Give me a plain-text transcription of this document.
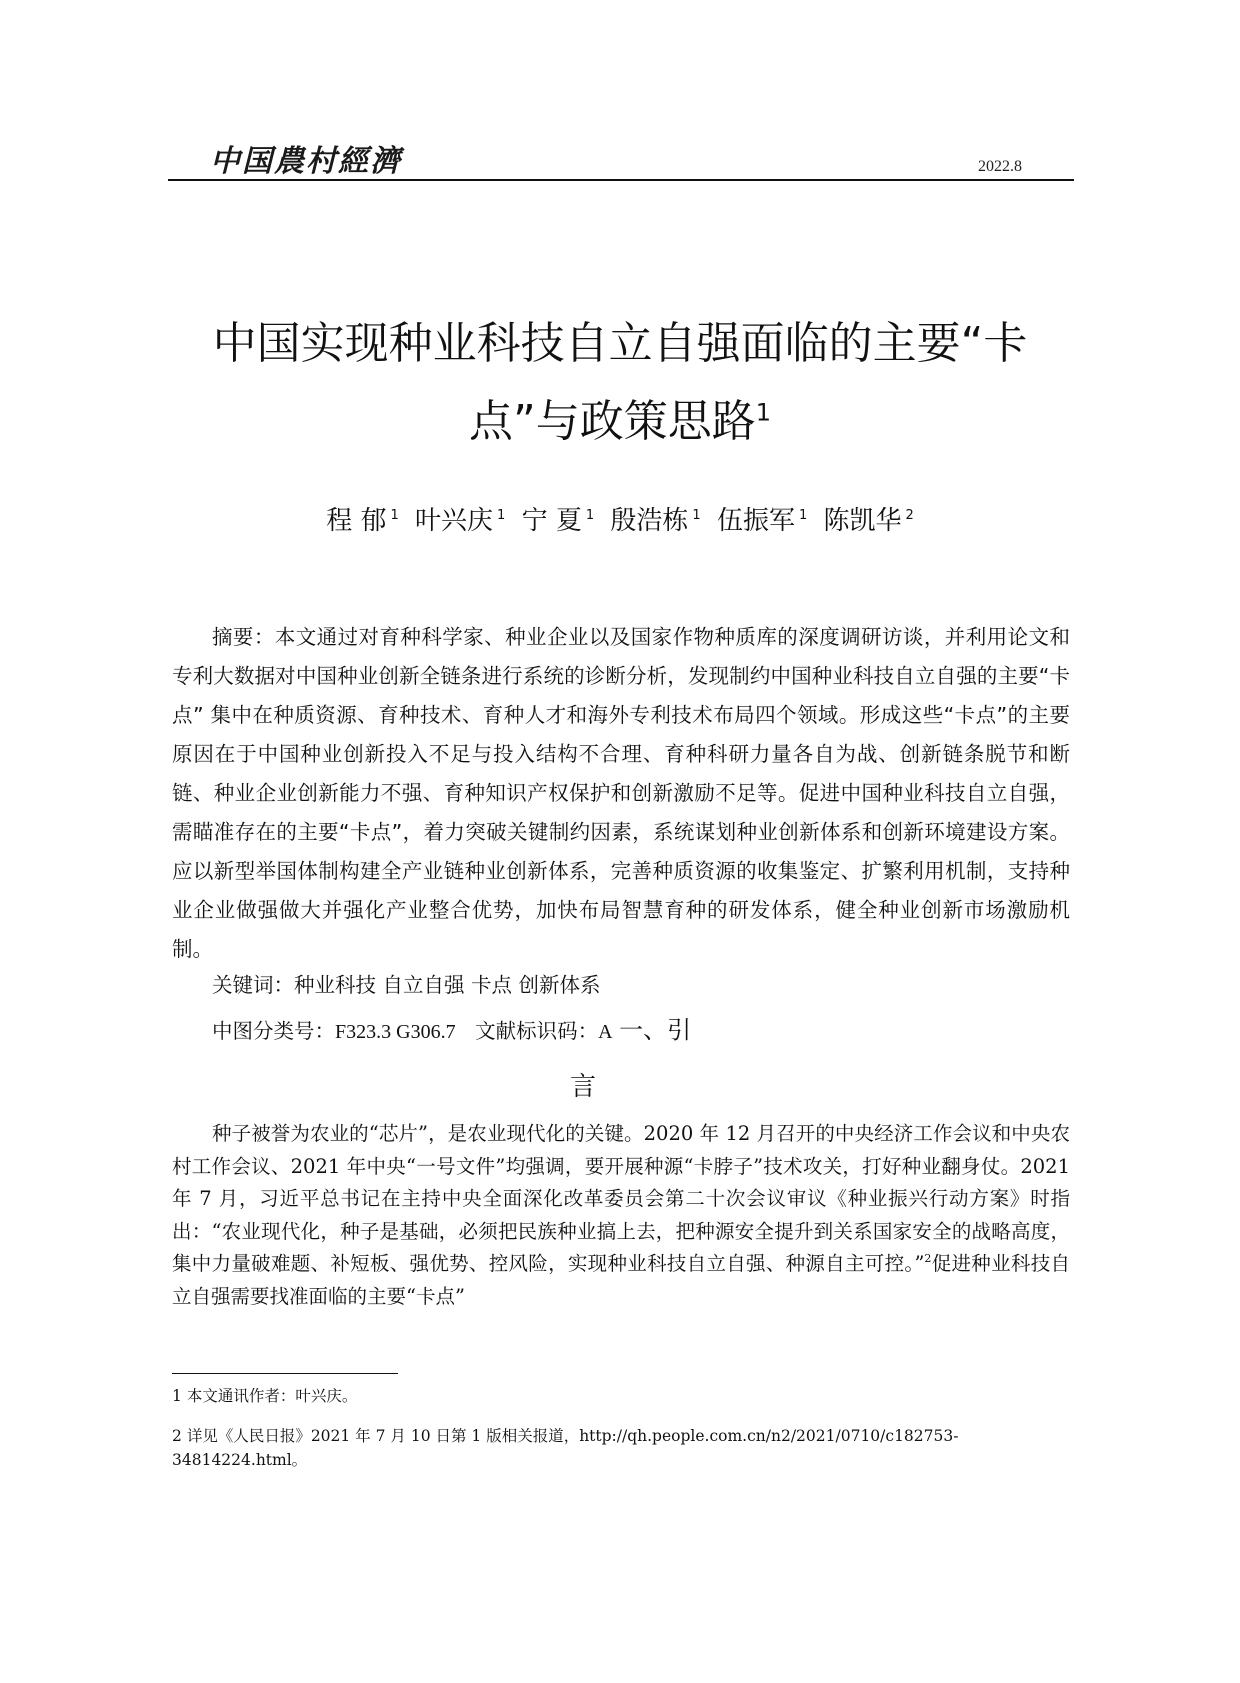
中国農村經濟	2022.8
中国实现种业科技自立自强面临的主要“卡点”与政策思路$^1$
程 郁 $^1$ 叶兴庆 $^1$ 宁 夏 $^1$ 殷浩栋 $^1$ 伍振军 $^1$ 陈凯华 $^2$
摘要：本文通过对育种科学家、种业企业以及国家作物种质库的深度调研访谈，并利用论文和专利大数据对中国种业创新全链条进行系统的诊断分析，发现制约中国种业科技自立自强的主要“卡点” 集中在种质资源、育种技术、育种人才和海外专利技术布局四个领域。形成这些“卡点”的主要原因在于中国种业创新投入不足与投入结构不合理、育种科研力量各自为战、创新链条脱节和断链、种业企业创新能力不强、育种知识产权保护和创新激励不足等。促进中国种业科技自立自强，需瞄准存在的主要“卡点”，着力突破关键制约因素，系统谋划种业创新体系和创新环境建设方案。应以新型举国体制构建全产业链种业创新体系，完善种质资源的收集鉴定、扩繁利用机制，支持种业企业做强做大并强化产业整合优势，加快布局智慧育种的研发体系，健全种业创新市场激励机制。
关键词：种业科技 自立自强 卡点 创新体系
中图分类号：F323.3 G306.7 文献标识码：A 一、引
言
种子被誉为农业的“芯片”，是农业现代化的关键。2020 年 12 月召开的中央经济工作会议和中央农村工作会议、2021 年中央“一号文件”均强调，要开展种源“卡脖子”技术攻关，打好种业翻身仗。2021 年 7 月，习近平总书记在主持中央全面深化改革委员会第二十次会议审议《种业振兴行动方案》时指出：“农业现代化，种子是基础，必须把民族种业搞上去，把种源安全提升到关系国家安全的战略高度，集中力量破难题、补短板、强优势、控风险，实现种业科技自立自强、种源自主可控。”$^2$促进种业科技自立自强需要找准面临的主要“卡点”
1 本文通讯作者：叶兴庆。
2 详见《人民日报》2021 年 7 月 10 日第 1 版相关报道，http://qh.people.com.cn/n2/2021/0710/c182753-34814224.html。
